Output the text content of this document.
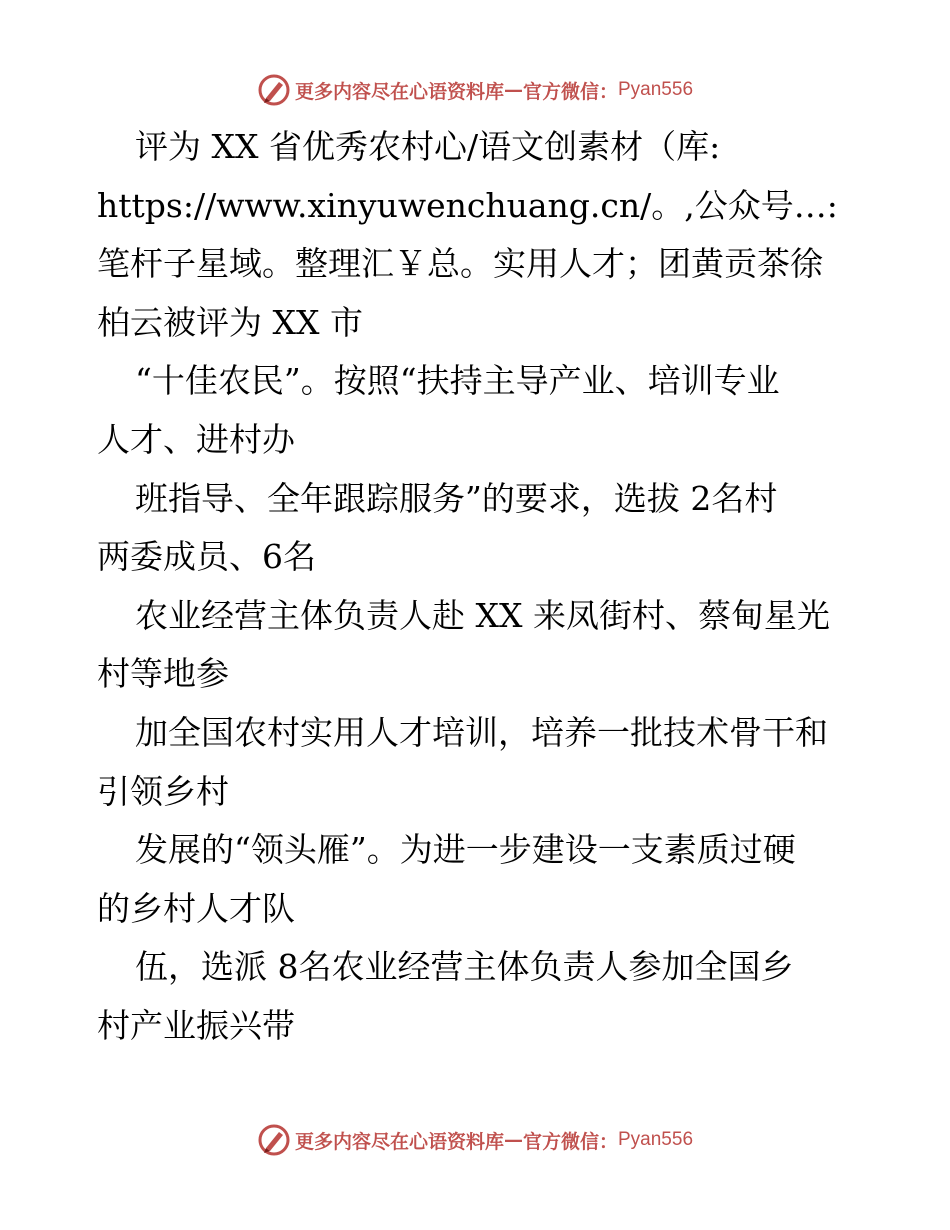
更多内容尽在心语资料库 — 官方微信： Pyan556
评为 XX 省优秀农村心/语文创素材（库:
https://www.xinyuwenchuang.cn/。,公众号…:
笔杆子星域。整理汇￥总。实用人才；团黄贡茶徐
柏云被评为 XX 市
“十佳农民”。按照“扶持主导产业、培训专业
人才、进村办
班指导、全年跟踪服务”的要求，选拔 2名村
两委成员、6名
农业经营主体负责人赴 XX 来凤街村、蔡甸星光
村等地参
加全国农村实用人才培训，培养一批技术骨干和
引领乡村
发展的“领头雁”。为进一步建设一支素质过硬
的乡村人才队
伍，选派 8名农业经营主体负责人参加全国乡
村产业振兴带
更多内容尽在心语资料库 — 官方微信： Pyan556
